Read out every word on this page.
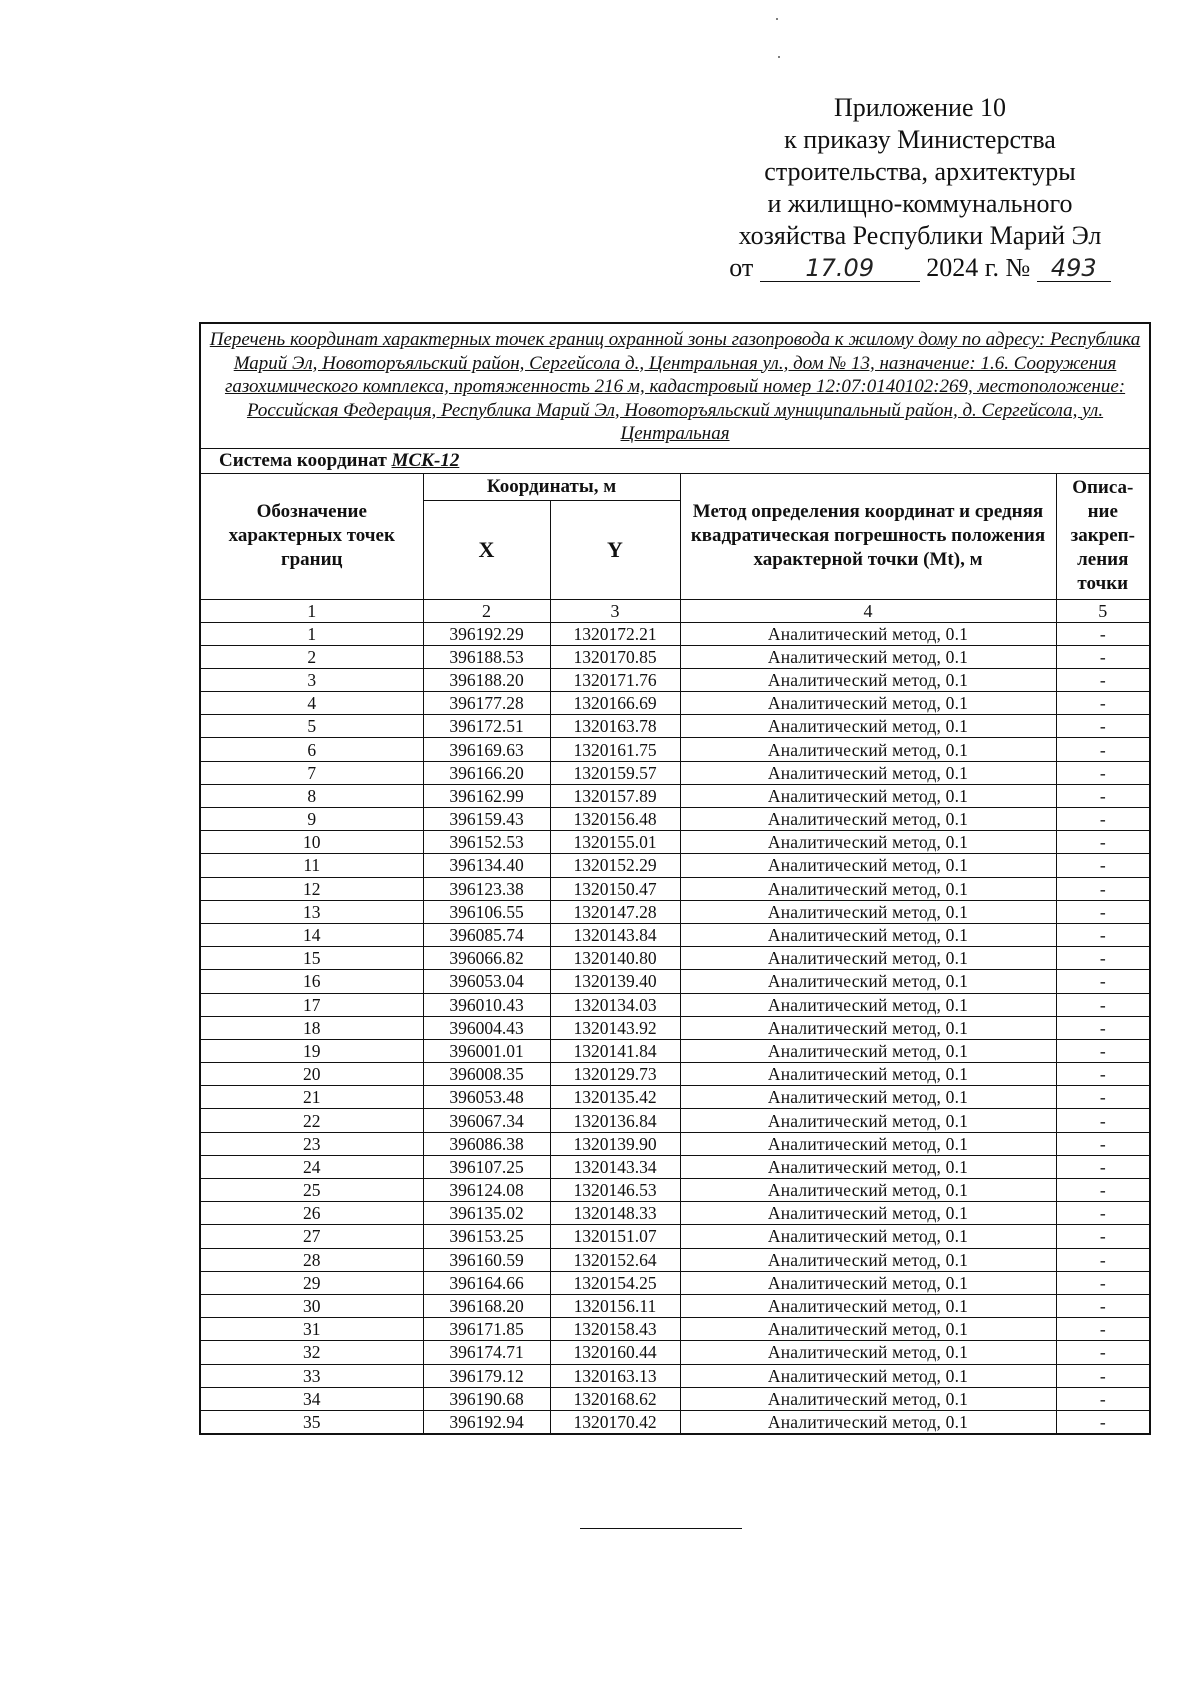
Приложение 10
к приказу Министерства
строительства, архитектуры
и жилищно-коммунального
хозяйства Республики Марий Эл
от 17.09 2024 г. № 493
Перечень координат характерных точек границ охранной зоны газопровода к жилому дому по адресу: Республика Марий Эл, Новоторъяльский район, Сергейсола д., Центральная ул., дом № 13, назначение: 1.6. Сооружения газохимического комплекса, протяженность 216 м, кадастровый номер 12:07:0140102:269, местоположение: Российская Федерация, Республика Марий Эл, Новоторъяльский муниципальный район, д. Сергейсола, ул. Центральная				
Система координат МСК-12				
Обозначение характерных точек границ	Координаты, м		Метод определения координат и средняя квадратическая погрешность положения характерной точки (Mt), м	Описа- ние закреп- ления точки
	X	Y		
1	2	3	4	5
1	396192.29	1320172.21	Аналитический метод, 0.1	-
2	396188.53	1320170.85	Аналитический метод, 0.1	-
3	396188.20	1320171.76	Аналитический метод, 0.1	-
4	396177.28	1320166.69	Аналитический метод, 0.1	-
5	396172.51	1320163.78	Аналитический метод, 0.1	-
6	396169.63	1320161.75	Аналитический метод, 0.1	-
7	396166.20	1320159.57	Аналитический метод, 0.1	-
8	396162.99	1320157.89	Аналитический метод, 0.1	-
9	396159.43	1320156.48	Аналитический метод, 0.1	-
10	396152.53	1320155.01	Аналитический метод, 0.1	-
11	396134.40	1320152.29	Аналитический метод, 0.1	-
12	396123.38	1320150.47	Аналитический метод, 0.1	-
13	396106.55	1320147.28	Аналитический метод, 0.1	-
14	396085.74	1320143.84	Аналитический метод, 0.1	-
15	396066.82	1320140.80	Аналитический метод, 0.1	-
16	396053.04	1320139.40	Аналитический метод, 0.1	-
17	396010.43	1320134.03	Аналитический метод, 0.1	-
18	396004.43	1320143.92	Аналитический метод, 0.1	-
19	396001.01	1320141.84	Аналитический метод, 0.1	-
20	396008.35	1320129.73	Аналитический метод, 0.1	-
21	396053.48	1320135.42	Аналитический метод, 0.1	-
22	396067.34	1320136.84	Аналитический метод, 0.1	-
23	396086.38	1320139.90	Аналитический метод, 0.1	-
24	396107.25	1320143.34	Аналитический метод, 0.1	-
25	396124.08	1320146.53	Аналитический метод, 0.1	-
26	396135.02	1320148.33	Аналитический метод, 0.1	-
27	396153.25	1320151.07	Аналитический метод, 0.1	-
28	396160.59	1320152.64	Аналитический метод, 0.1	-
29	396164.66	1320154.25	Аналитический метод, 0.1	-
30	396168.20	1320156.11	Аналитический метод, 0.1	-
31	396171.85	1320158.43	Аналитический метод, 0.1	-
32	396174.71	1320160.44	Аналитический метод, 0.1	-
33	396179.12	1320163.13	Аналитический метод, 0.1	-
34	396190.68	1320168.62	Аналитический метод, 0.1	-
35	396192.94	1320170.42	Аналитический метод, 0.1	-
